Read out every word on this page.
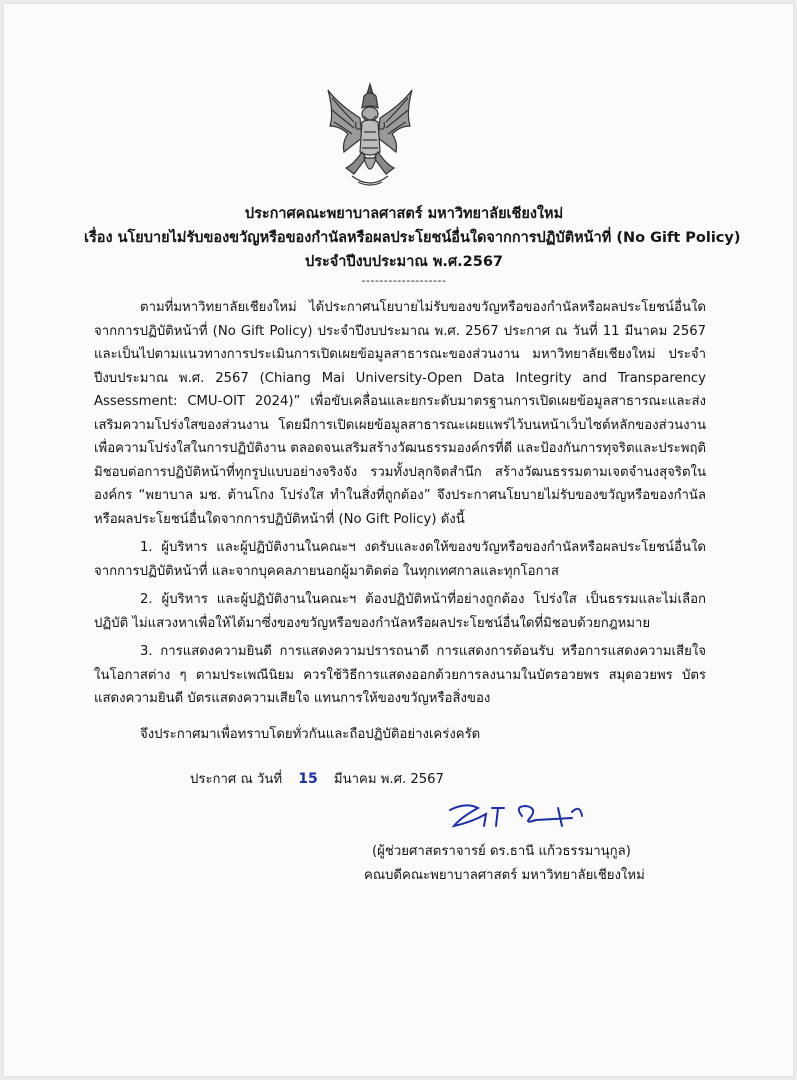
ประกาศคณะพยาบาลศาสตร์ มหาวิทยาลัยเชียงใหม่
เรื่อง นโยบายไม่รับของขวัญหรือของกำนัลหรือผลประโยชน์อื่นใดจากการปฏิบัติหน้าที่ (No Gift Policy)
ประจำปีงบประมาณ พ.ศ.2567
-------------------

ตามที่มหาวิทยาลัยเชียงใหม่ ได้ประกาศนโยบายไม่รับของขวัญหรือของกำนัลหรือผลประโยชน์อื่นใดจากการปฏิบัติหน้าที่ (No Gift Policy) ประจำปีงบประมาณ พ.ศ. 2567 ประกาศ ณ วันที่ 11 มีนาคม 2567 และเป็นไปตามแนวทางการประเมินการเปิดเผยข้อมูลสาธารณะของส่วนงาน มหาวิทยาลัยเชียงใหม่ ประจำปีงบประมาณ พ.ศ. 2567 (Chiang Mai University-Open Data Integrity and Transparency Assessment: CMU-OIT 2024)” เพื่อขับเคลื่อนและยกระดับมาตรฐานการเปิดเผยข้อมูลสาธารณะและส่งเสริมความโปร่งใสของส่วนงาน โดยมีการเปิดเผยข้อมูลสาธารณะเผยแพร่ไว้บนหน้าเว็บไซต์หลักของส่วนงาน เพื่อความโปร่งใสในการปฏิบัติงาน ตลอดจนเสริมสร้างวัฒนธรรมองค์กรที่ดี และป้องกันการทุจริตและประพฤติมิชอบต่อการปฏิบัติหน้าที่ทุกรูปแบบอย่างจริงจัง รวมทั้งปลุกจิตสำนึก สร้างวัฒนธรรมตามเจตจำนงสุจริตในองค์กร “พยาบาล มช. ต้านโกง โปร่งใส ทำในสิ่งที่ถูกต้อง” จึงประกาศนโยบายไม่รับของขวัญหรือของกำนัลหรือผลประโยชน์อื่นใดจากการปฏิบัติหน้าที่ (No Gift Policy) ดังนี้

1. ผู้บริหาร และผู้ปฏิบัติงานในคณะฯ งดรับและงดให้ของขวัญหรือของกำนัลหรือผลประโยชน์อื่นใดจากการปฏิบัติหน้าที่ และจากบุคคลภายนอกผู้มาติดต่อ ในทุกเทศกาลและทุกโอกาส

2. ผู้บริหาร และผู้ปฏิบัติงานในคณะฯ ต้องปฏิบัติหน้าที่อย่างถูกต้อง โปร่งใส เป็นธรรมและไม่เลือกปฏิบัติ ไม่แสวงหาเพื่อให้ได้มาซึ่งของขวัญหรือของกำนัลหรือผลประโยชน์อื่นใดที่มิชอบด้วยกฎหมาย

3. การแสดงความยินดี การแสดงความปรารถนาดี การแสดงการต้อนรับ หรือการแสดงความเสียใจ ในโอกาสต่าง ๆ ตามประเพณีนิยม ควรใช้วิธีการแสดงออกด้วยการลงนามในบัตรอวยพร สมุดอวยพร บัตรแสดงความยินดี บัตรแสดงความเสียใจ แทนการให้ของขวัญหรือสิ่งของ

จึงประกาศมาเพื่อทราบโดยทั่วกันและถือปฏิบัติอย่างเคร่งครัด

ประกาศ ณ วันที่ 15 มีนาคม พ.ศ. 2567
(ผู้ช่วยศาสตราจารย์ ดร.ธานี แก้วธรรมานุกูล)
คณบดีคณะพยาบาลศาสตร์ มหาวิทยาลัยเชียงใหม่
